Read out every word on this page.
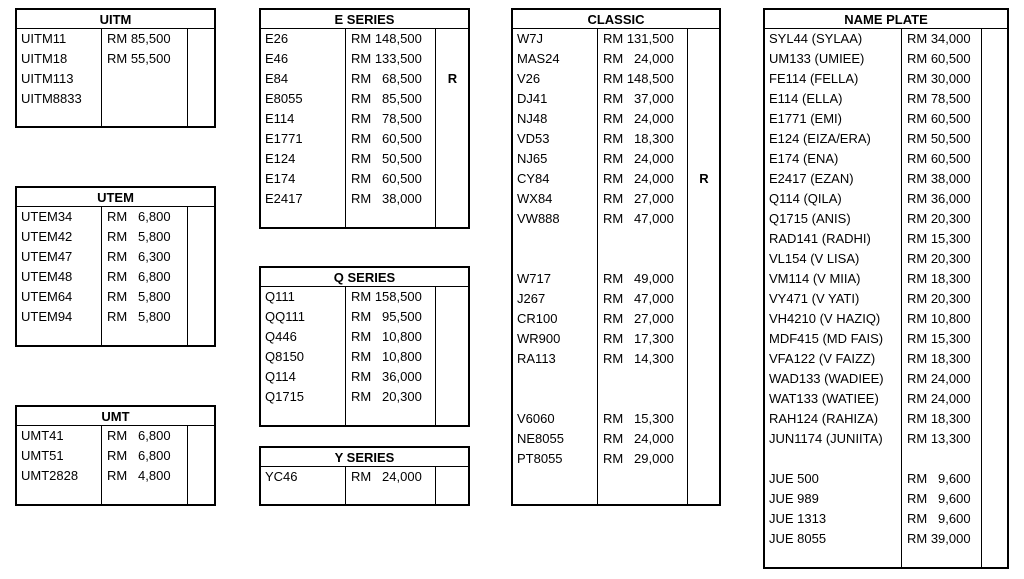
UITM
UITM11	RM 85,500
UITM18	RM 55,500
UITM113
UITM8833
UTEM
UTEM34	RM   6,800
UTEM42	RM   5,800
UTEM47	RM   6,300
UTEM48	RM   6,800
UTEM64	RM   5,800
UTEM94	RM   5,800
UMT
UMT41	RM   6,800
UMT51	RM   6,800
UMT2828 RM   4,800
E SERIES
E26	RM 148,500
E46	RM 133,500
E84	RM   68,500	R
E8055	RM   85,500
E114	RM   78,500
E1771	RM   60,500
E124	RM   50,500
E174	RM   60,500
E2417	RM   38,000
Q SERIES
Q111	RM 158,500
QQ111	RM   95,500
Q446	RM   10,800
Q8150	RM   10,800
Q114	RM   36,000
Q1715	RM   20,300
Y SERIES
YC46	RM   24,000
CLASSIC
W7J	RM 131,500
MAS24	RM   24,000
V26	RM 148,500
DJ41	RM   37,000
NJ48	RM   24,000
VD53	RM   18,300
NJ65	RM   24,000
CY84	RM   24,000	R
WX84	RM   27,000
VW888	RM   47,000
W717	RM   49,000
J267	RM   47,000
CR100	RM   27,000
WR900	RM   17,300
RA113	RM   14,300
V6060	RM   15,300
NE8055	RM   24,000
PT8055	RM   29,000
NAME PLATE
SYL44 (SYLAA)	RM 34,000
UM133 (UMIEE)	RM 60,500
FE114 (FELLA)	RM 30,000
E114 (ELLA)	RM 78,500
E1771 (EMI)	RM 60,500
E124 (EIZA/ERA)	RM 50,500
E174 (ENA)	RM 60,500
E2417 (EZAN)	RM 38,000
Q114 (QILA)	RM 36,000
Q1715 (ANIS)	RM 20,300
RAD141 (RADHI)	RM 15,300
VL154 (V LISA)	RM 20,300
VM114 (V MIIA)	RM 18,300
VY471 (V YATI)	RM 20,300
VH4210 (V HAZIQ) RM 10,800
MDF415 (MD FAIS) RM 15,300
VFA122 (V FAIZZ) RM 18,300
WAD133 (WADIEE) RM 24,000
WAT133 (WATIEE) RM 24,000
RAH124 (RAHIZA) RM 18,300
JUN1174 (JUNIITA) RM 13,300
JUE 500	RM   9,600
JUE 989	RM   9,600
JUE 1313	RM   9,600
JUE 8055	RM 39,000
